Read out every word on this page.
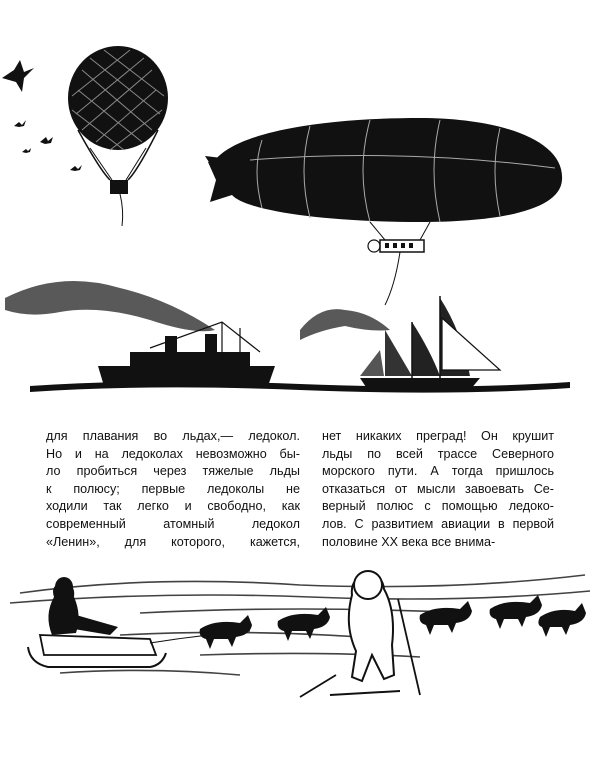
для плавания во льдах,— ледокол.
Но и на ледоколах невозможно бы-
ло пробиться через тяжелые льды
к полюсу; первые ледоколы не
ходили так легко и свободно, как
современный атомный ледокол
«Ленин», для которого, кажется,
нет никаких преград! Он крушит
льды по всей трассе Северного
морского пути. А тогда пришлось
отказаться от мысли завоевать Се-
верный полюс с помощью ледоко-
лов. С развитием авиации в первой
половине XX века все внима-
